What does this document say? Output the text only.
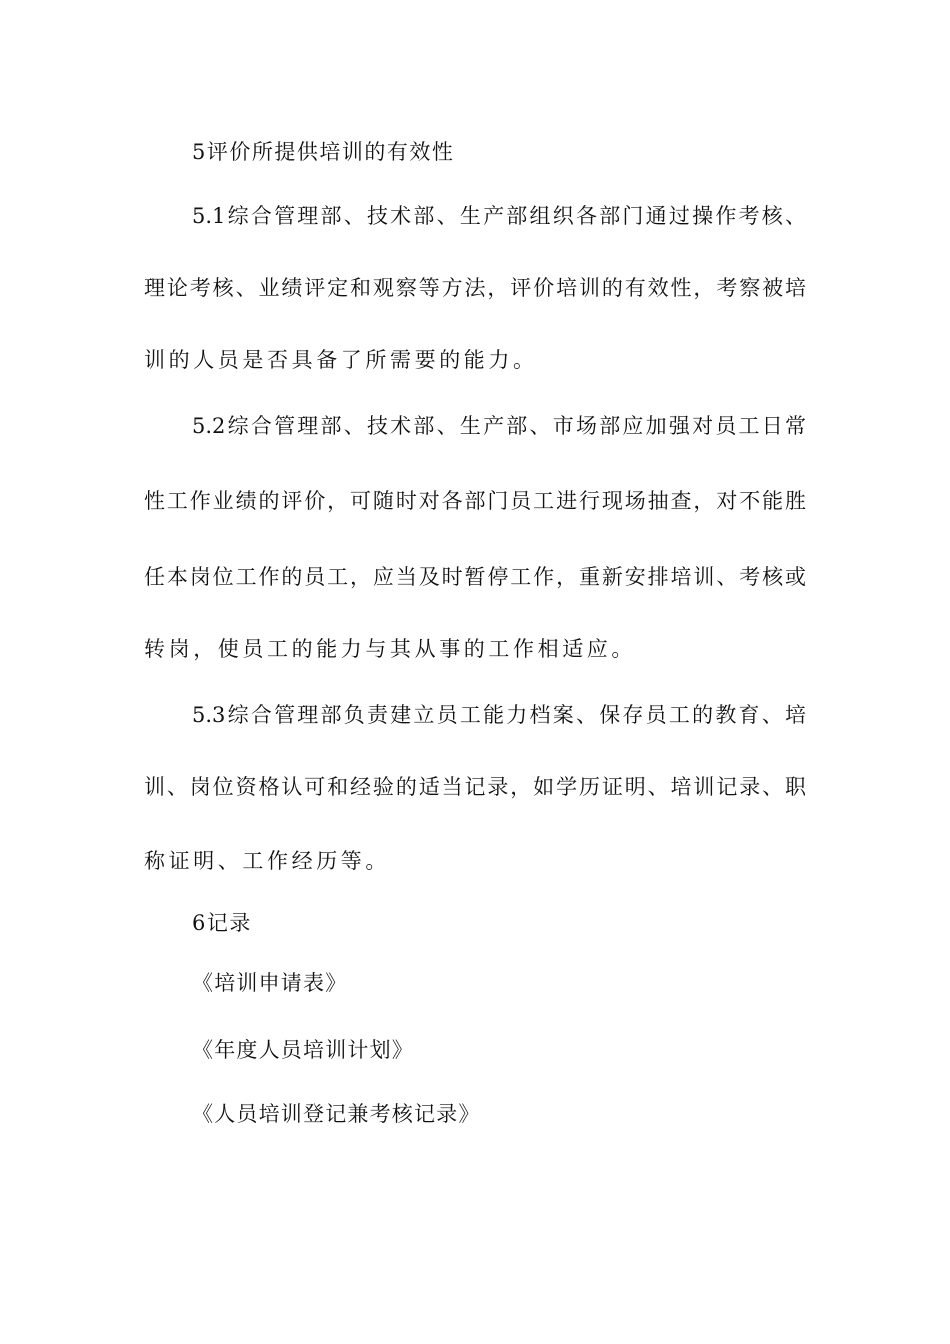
5评价所提供培训的有效性
5.1综合管理部、技术部、生产部组织各部门通过操作考核、
理论考核、业绩评定和观察等方法，评价培训的有效性，考察被培
训的人员是否具备了所需要的能力。
5.2综合管理部、技术部、生产部、市场部应加强对员工日常
性工作业绩的评价，可随时对各部门员工进行现场抽查，对不能胜
任本岗位工作的员工，应当及时暂停工作，重新安排培训、考核或
转岗，使员工的能力与其从事的工作相适应。
5.3综合管理部负责建立员工能力档案、保存员工的教育、培
训、岗位资格认可和经验的适当记录，如学历证明、培训记录、职
称证明、工作经历等。
6记录
《培训申请表》
《年度人员培训计划》
《人员培训登记兼考核记录》
